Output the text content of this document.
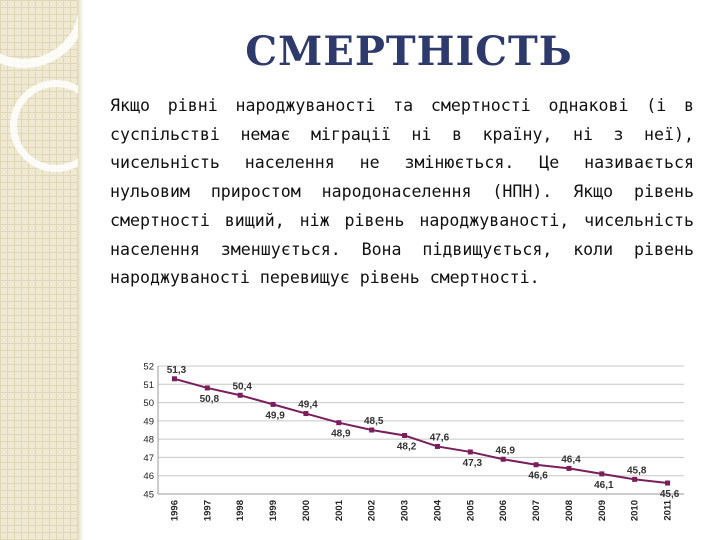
СМЕРТНІСТЬ

Якщо рівні народжуваності та смертності однакові (і в суспільстві немає міграції ні в країну, ні з неї), чисельність населення не змінюється. Це називається нульовим приростом народонаселення (НПН). Якщо рівень смертності вищий, ніж рівень народжуваності, чисельність населення зменшується. Вона підвищується, коли рівень народжуваності перевищує рівень смертності.

45
46
47
48
49
50
51
52 51,3
1996
50,8
1997
50,4
1998
49,9
1999
49,4
2000
48,9
2001
48,5
2002
48,2
2003
47,6
2004
47,3
2005
46,9
2006
46,6
2007
46,4
2008
46,1
2009
45,8
2010
45,6
2011
